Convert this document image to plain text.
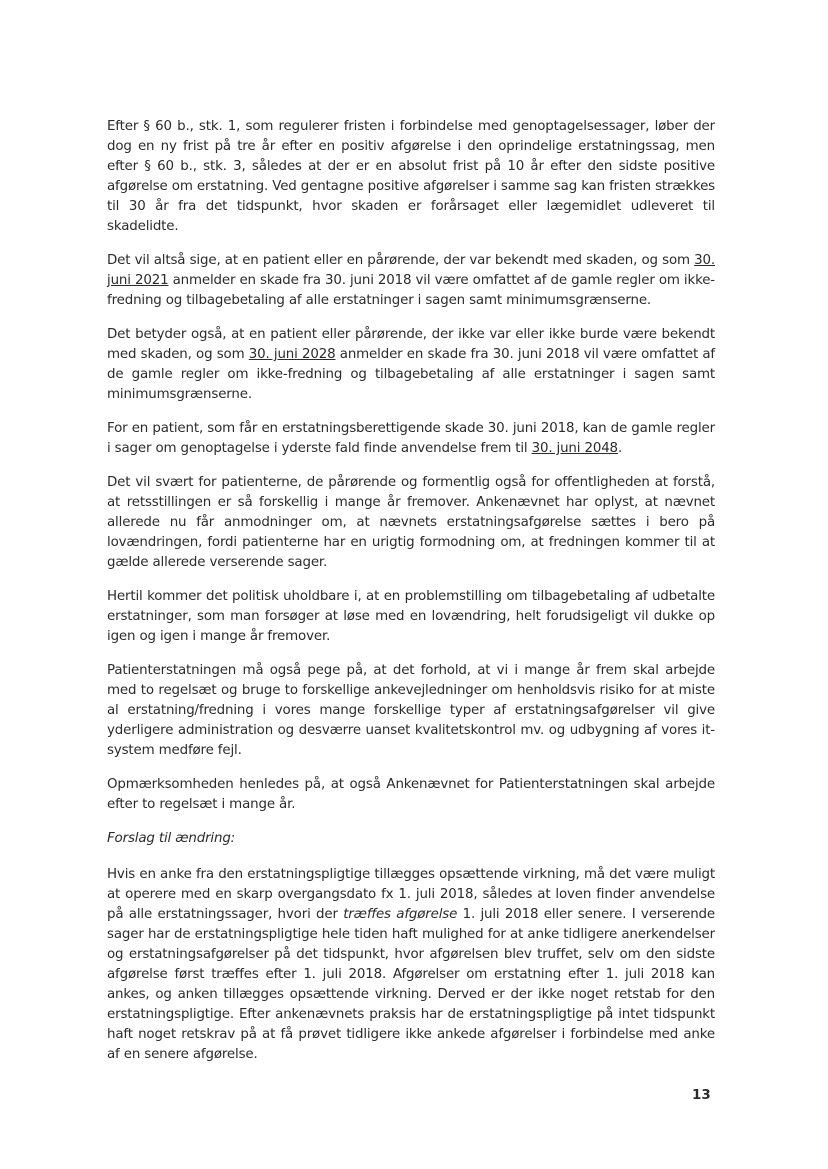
Efter § 60 b., stk. 1, som regulerer fristen i forbindelse med genoptagelsessager, løber der dog en ny frist på tre år efter en positiv afgørelse i den oprindelige erstatningssag, men efter § 60 b., stk. 3, således at der er en absolut frist på 10 år efter den sidste positive afgørelse om erstatning. Ved gentagne positive afgørelser i samme sag kan fristen strækkes til 30 år fra det tidspunkt, hvor skaden er forårsaget eller lægemidlet udleveret til skadelidte.

Det vil altså sige, at en patient eller en pårørende, der var bekendt med skaden, og som 30. juni 2021 anmelder en skade fra 30. juni 2018 vil være omfattet af de gamle regler om ikke-fredning og tilbagebetaling af alle erstatninger i sagen samt minimumsgrænserne.

Det betyder også, at en patient eller pårørende, der ikke var eller ikke burde være bekendt med skaden, og som 30. juni 2028 anmelder en skade fra 30. juni 2018 vil være omfattet af de gamle regler om ikke-fredning og tilbagebetaling af alle erstatninger i sagen samt minimumsgrænserne.

For en patient, som får en erstatningsberettigende skade 30. juni 2018, kan de gamle regler i sager om genoptagelse i yderste fald finde anvendelse frem til 30. juni 2048.

Det vil svært for patienterne, de pårørende og formentlig også for offentligheden at forstå, at retsstillingen er så forskellig i mange år fremover. Ankenævnet har oplyst, at nævnet allerede nu får anmodninger om, at nævnets erstatningsafgørelse sættes i bero på lovændringen, fordi patienterne har en urigtig formodning om, at fredningen kommer til at gælde allerede verserende sager.

Hertil kommer det politisk uholdbare i, at en problemstilling om tilbagebetaling af udbetalte erstatninger, som man forsøger at løse med en lovændring, helt forudsigeligt vil dukke op igen og igen i mange år fremover.

Patienterstatningen må også pege på, at det forhold, at vi i mange år frem skal arbejde med to regelsæt og bruge to forskellige ankevejledninger om henholdsvis risiko for at miste al erstatning/fredning i vores mange forskellige typer af erstatningsafgørelser vil give yderligere administration og desværre uanset kvalitetskontrol mv. og udbygning af vores it-system medføre fejl.

Opmærksomheden henledes på, at også Ankenævnet for Patienterstatningen skal arbejde efter to regelsæt i mange år.

Forslag til ændring:

Hvis en anke fra den erstatningspligtige tillægges opsættende virkning, må det være muligt at operere med en skarp overgangsdato fx 1. juli 2018, således at loven finder anvendelse på alle erstatningssager, hvori der træffes afgørelse 1. juli 2018 eller senere. I verserende sager har de erstatningspligtige hele tiden haft mulighed for at anke tidligere anerkendelser og erstatningsafgørelser på det tidspunkt, hvor afgørelsen blev truffet, selv om den sidste afgørelse først træffes efter 1. juli 2018. Afgørelser om erstatning efter 1. juli 2018 kan ankes, og anken tillægges opsættende virkning. Derved er der ikke noget retstab for den erstatningspligtige. Efter ankenævnets praksis har de erstatningspligtige på intet tidspunkt haft noget retskrav på at få prøvet tidligere ikke ankede afgørelser i forbindelse med anke af en senere afgørelse.

13
